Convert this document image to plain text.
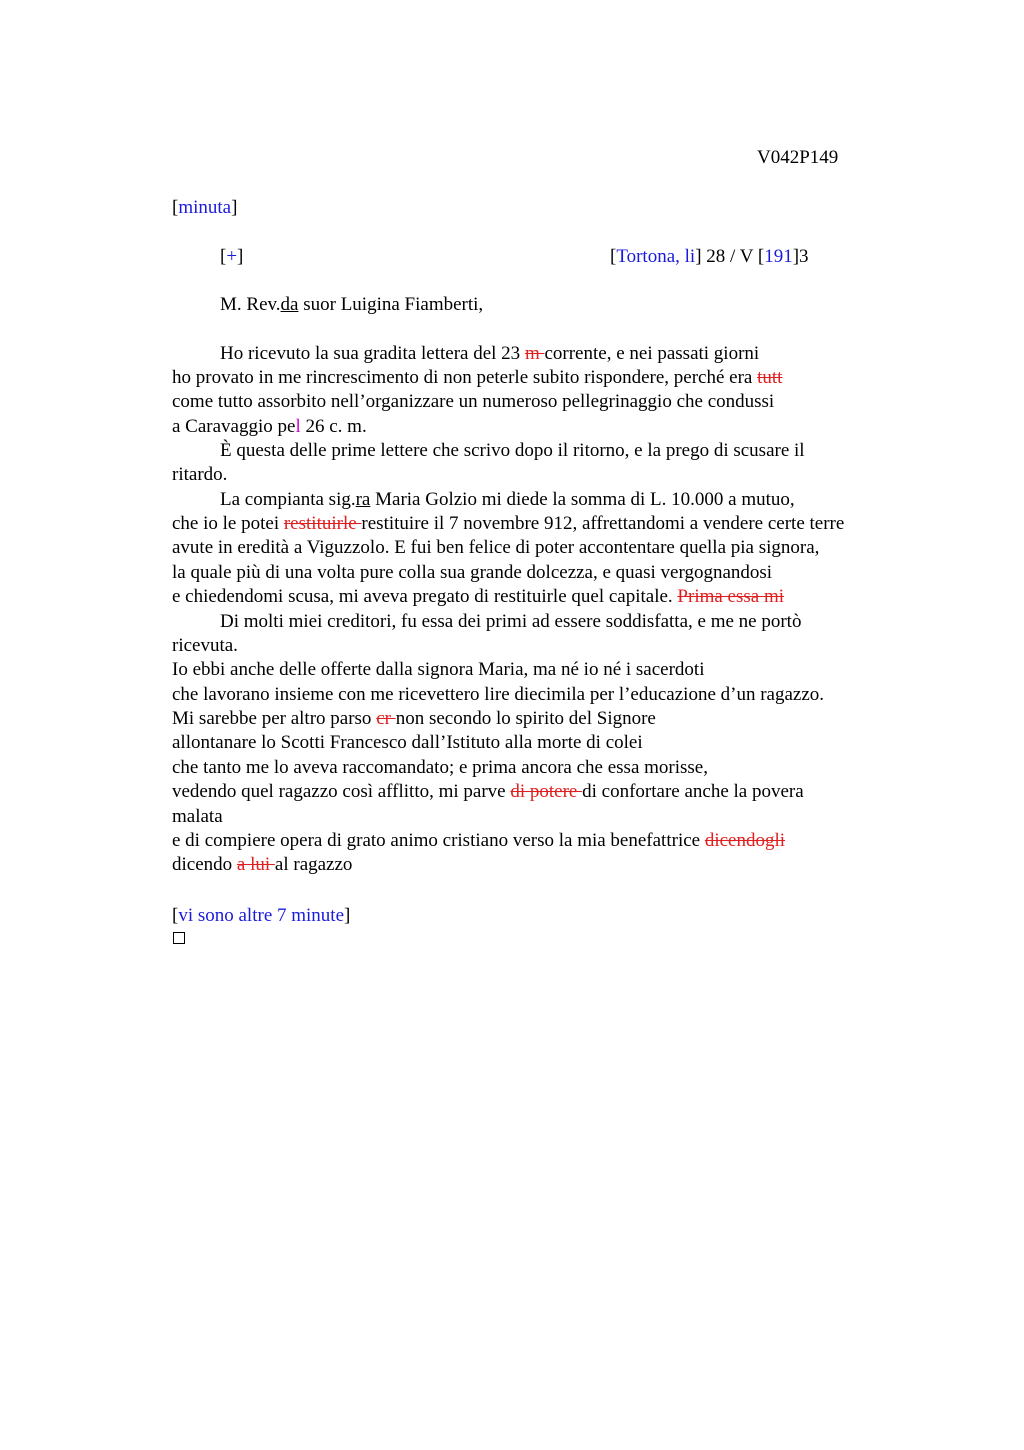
V042P149
[minuta]
[+]	[Tortona, li] 28 / V [191]3
M. Rev.da suor Luigina Fiamberti,
Ho ricevuto la sua gradita lettera del 23 m corrente, e nei passati giorni
ho provato in me rincrescimento di non peterle subito rispondere, perché era tutt
come tutto assorbito nell’organizzare un numeroso pellegrinaggio che condussi
a Caravaggio pel 26 c. m.
È questa delle prime lettere che scrivo dopo il ritorno, e la prego di scusare il
ritardo.
La compianta sig.ra Maria Golzio mi diede la somma di L. 10.000 a mutuo,
che io le potei restituirle restituire il 7 novembre 912, affrettandomi a vendere certe terre
avute in eredità a Viguzzolo. E fui ben felice di poter accontentare quella pia signora,
la quale più di una volta pure colla sua grande dolcezza, e quasi vergognandosi
e chiedendomi scusa, mi aveva pregato di restituirle quel capitale. Prima essa mi
Di molti miei creditori, fu essa dei primi ad essere soddisfatta, e me ne portò
ricevuta.
Io ebbi anche delle offerte dalla signora Maria, ma né io né i sacerdoti
che lavorano insieme con me ricevettero lire diecimila per l’educazione d’un ragazzo.
Mi sarebbe per altro parso cr non secondo lo spirito del Signore
allontanare lo Scotti Francesco dall’Istituto alla morte di colei
che tanto me lo aveva raccomandato; e prima ancora che essa morisse,
vedendo quel ragazzo così afflitto, mi parve di potere di confortare anche la povera
malata
e di compiere opera di grato animo cristiano verso la mia benefattrice dicendogli
dicendo a lui al ragazzo
[vi sono altre 7 minute]
